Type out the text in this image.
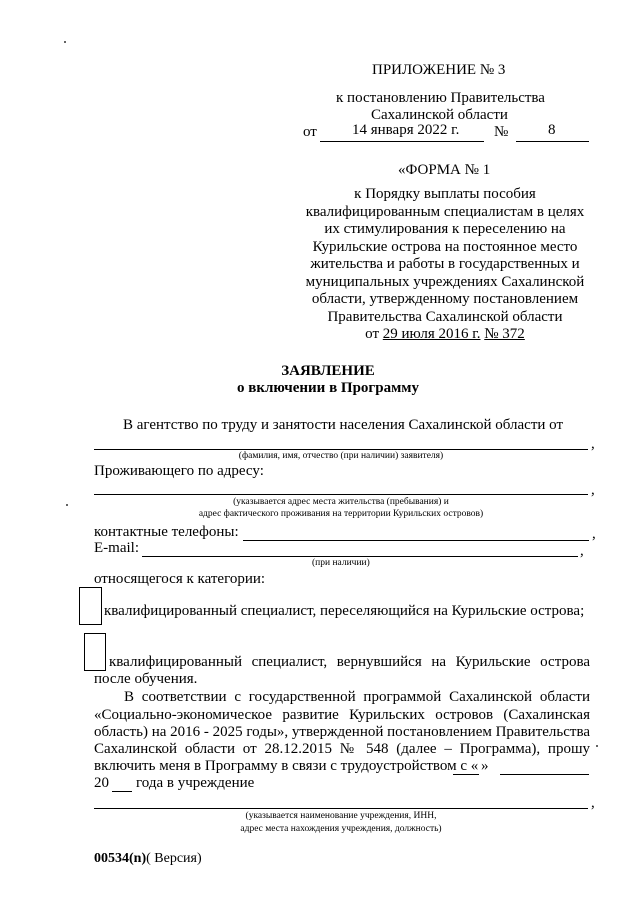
ПРИЛОЖЕНИЕ № 3
к постановлению Правительства
Сахалинской области
от 14 января 2022 г. №	8
«ФОРМА № 1
к Порядку выплаты пособия
квалифицированным специалистам в целях
их стимулирования к переселению на
Курильские острова на постоянное место
жительства и работы в государственных и
муниципальных учреждениях Сахалинской
области, утвержденному постановлением
Правительства Сахалинской области
от 29 июля 2016 г. № 372
ЗАЯВЛЕНИЕ
о включении в Программу
В агентство по труду и занятости населения Сахалинской области от
,
(фамилия, имя, отчество (при наличии) заявителя)
Проживающего по адресу:
,
(указывается адрес места жительства (пребывания) и
адрес фактического проживания на территории Курильских островов)
контактные телефоны:	,
E-mail:	,
(при наличии)
относящегося к категории:
квалифицированный специалист, переселяющийся на Курильские острова;
квалифицированный специалист, вернувшийся на Курильские острова
после обучения.
В соответствии с государственной программой Сахалинской области
«Социально-экономическое развитие Курильских островов (Сахалинская
область) на 2016 - 2025 годы», утвержденной постановлением Правительства
Сахалинской области от 28.12.2015 № 548 (далее – Программа), прошу
включить меня в Программу в связи с трудоустройством с « »
20 года в учреждение
,
(указывается наименование учреждения, ИНН,
адрес места нахождения учреждения, должность)
00534(n)( Версия)
